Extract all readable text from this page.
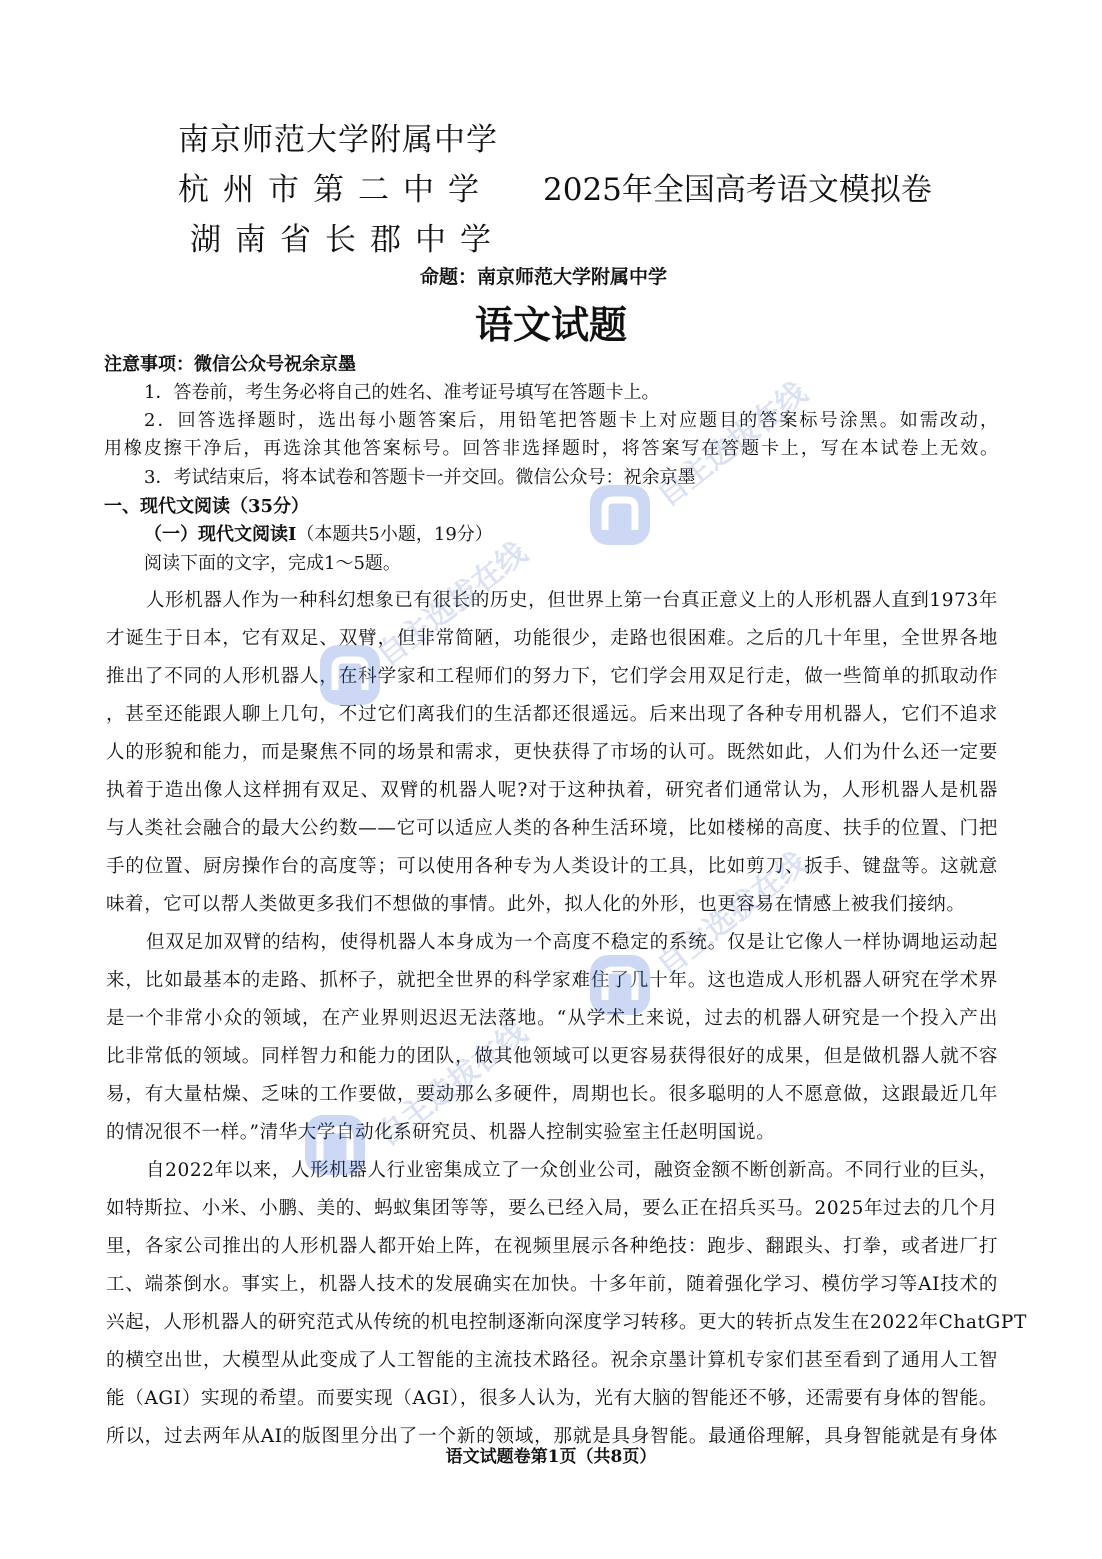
南京师范大学附属中学
杭州市第二中学 2025年全国高考语文模拟卷
湖南省长郡中学
命题：南京师范大学附属中学
语文试题
注意事项：微信公众号祝余京墨
1．答卷前，考生务必将自己的姓名、准考证号填写在答题卡上。
2．回答选择题时，选出每小题答案后，用铅笔把答题卡上对应题目的答案标号涂黑。如需改动，
用橡皮擦干净后，再选涂其他答案标号。回答非选择题时，将答案写在答题卡上，写在本试卷上无效。
3．考试结束后，将本试卷和答题卡一并交回。微信公众号：祝余京墨
一、现代文阅读（35分）
（一）现代文阅读Ⅰ（本题共5小题，19分）
阅读下面的文字，完成1～5题。
人形机器人作为一种科幻想象已有很长的历史，但世界上第一台真正意义上的人形机器人直到1973年
才诞生于日本，它有双足、双臂，但非常简陋，功能很少，走路也很困难。之后的几十年里，全世界各地
推出了不同的人形机器人，在科学家和工程师们的努力下，它们学会用双足行走，做一些简单的抓取动作
，甚至还能跟人聊上几句，不过它们离我们的生活都还很遥远。后来出现了各种专用机器人，它们不追求
人的形貌和能力，而是聚焦不同的场景和需求，更快获得了市场的认可。既然如此，人们为什么还一定要
执着于造出像人这样拥有双足、双臂的机器人呢?对于这种执着，研究者们通常认为，人形机器人是机器
与人类社会融合的最大公约数——它可以适应人类的各种生活环境，比如楼梯的高度、扶手的位置、门把
手的位置、厨房操作台的高度等；可以使用各种专为人类设计的工具，比如剪刀、扳手、键盘等。这就意
味着，它可以帮人类做更多我们不想做的事情。此外，拟人化的外形，也更容易在情感上被我们接纳。
但双足加双臂的结构，使得机器人本身成为一个高度不稳定的系统。仅是让它像人一样协调地运动起
来，比如最基本的走路、抓杯子，就把全世界的科学家难住了几十年。这也造成人形机器人研究在学术界
是一个非常小众的领域，在产业界则迟迟无法落地。“从学术上来说，过去的机器人研究是一个投入产出
比非常低的领域。同样智力和能力的团队，做其他领域可以更容易获得很好的成果，但是做机器人就不容
易，有大量枯燥、乏味的工作要做，要动那么多硬件，周期也长。很多聪明的人不愿意做，这跟最近几年
的情况很不一样。”清华大学自动化系研究员、机器人控制实验室主任赵明国说。
自2022年以来，人形机器人行业密集成立了一众创业公司，融资金额不断创新高。不同行业的巨头，
如特斯拉、小米、小鹏、美的、蚂蚁集团等等，要么已经入局，要么正在招兵买马。2025年过去的几个月
里，各家公司推出的人形机器人都开始上阵，在视频里展示各种绝技：跑步、翻跟头、打拳，或者进厂打
工、端茶倒水。事实上，机器人技术的发展确实在加快。十多年前，随着强化学习、模仿学习等AI技术的
兴起，人形机器人的研究范式从传统的机电控制逐渐向深度学习转移。更大的转折点发生在2022年ChatGPT
的横空出世，大模型从此变成了人工智能的主流技术路径。祝余京墨计算机专家们甚至看到了通用人工智
能（AGI）实现的希望。而要实现（AGI），很多人认为，光有大脑的智能还不够，还需要有身体的智能。
所以，过去两年从AI的版图里分出了一个新的领域，那就是具身智能。最通俗理解，具身智能就是有身体
自主选拔在线
自主选拔在线
自主选拔在线
自主选拔在线
语文试题卷第1页（共8页）
